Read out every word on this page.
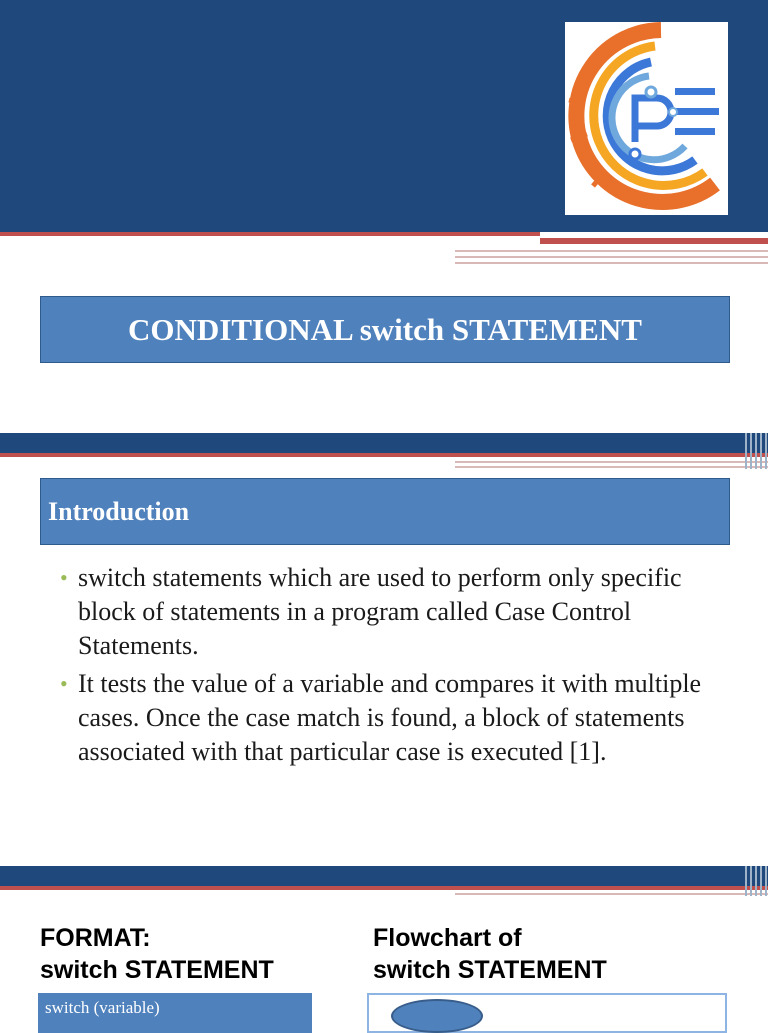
CONDITIONAL switch STATEMENT
Introduction
• switch statements which are used to perform only specific block of statements in a program called Case Control Statements.
• It tests the value of a variable and compares it with multiple cases. Once the case match is found, a block of statements associated with that particular case is executed [1].
FORMAT:
switch STATEMENT
Flowchart of
switch STATEMENT
switch (variable)
